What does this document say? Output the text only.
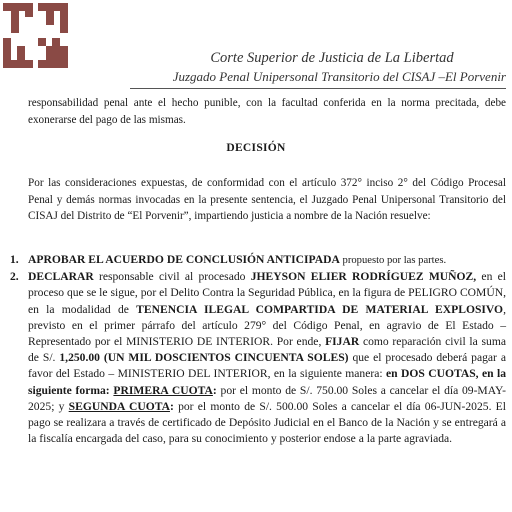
Corte Superior de Justicia de La Libertad
Juzgado Penal Unipersonal Transitorio del CISAJ –El Porvenir

responsabilidad penal ante el hecho punible, con la facultad conferida en la norma precitada, debe exonerarse del pago de las mismas.

DECISIÓN

Por las consideraciones expuestas, de conformidad con el artículo 372° inciso 2° del Código Procesal Penal y demás normas invocadas en la presente sentencia, el Juzgado Penal Unipersonal Transitorio del CISAJ del Distrito de “El Porvenir”, impartiendo justicia a nombre de la Nación resuelve:

1. APROBAR EL ACUERDO DE CONCLUSIÓN ANTICIPADA propuesto por las partes.
2. DECLARAR responsable civil al procesado JHEYSON ELIER RODRÍGUEZ MUÑOZ, en el proceso que se le sigue, por el Delito Contra la Seguridad Pública, en la figura de PELIGRO COMÚN, en la modalidad de TENENCIA ILEGAL COMPARTIDA DE MATERIAL EXPLOSIVO, previsto en el primer párrafo del artículo 279° del Código Penal, en agravio de El Estado – Representado por el MINISTERIO DE INTERIOR. Por ende, FIJAR como reparación civil la suma de S/. 1,250.00 (UN MIL DOSCIENTOS CINCUENTA SOLES) que el procesado deberá pagar a favor del Estado – MINISTERIO DEL INTERIOR, en la siguiente manera: en DOS CUOTAS, en la siguiente forma: PRIMERA CUOTA: por el monto de S/. 750.00 Soles a cancelar el día 09-MAY-2025; y SEGUNDA CUOTA: por el monto de S/. 500.00 Soles a cancelar el día 06-JUN-2025. El pago se realizara a través de certificado de Depósito Judicial en el Banco de la Nación y se entregará a la fiscalía encargada del caso, para su conocimiento y posterior endose a la parte agraviada.
